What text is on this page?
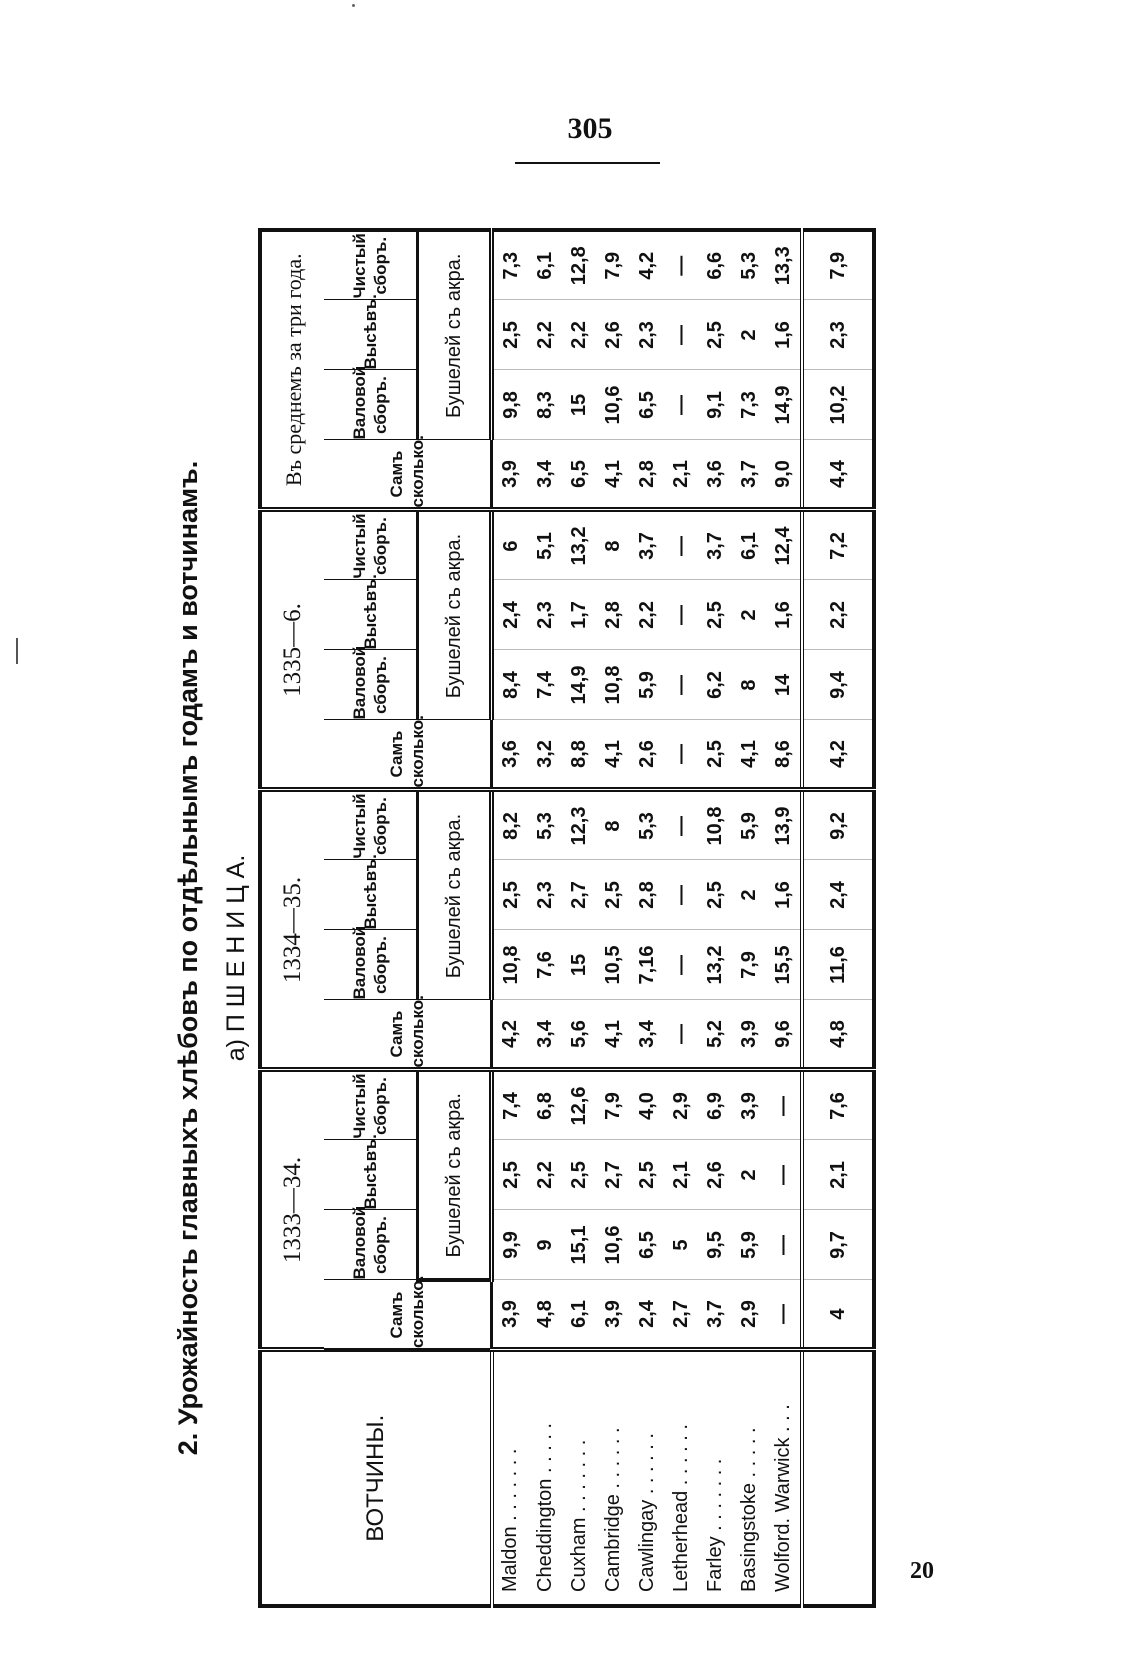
305
2. Урожайность главныхъ хлѣбовъ по отдѣльнымъ годамъ и вотчинамъ. а) П Ш Е Н И Ц А.
ВОТЧИНЫ.	1333—34.				1334—35.				1335—6.				Въ среднемъ за три года.			
	Самъ сколько.	Валовой сборъ.	Высѣвъ.	Чистый сборъ.	Самъ сколько.	Валовой сборъ.	Высѣвъ.	Чистый сборъ.	Самъ сколько.	Валовой сборъ.	Высѣвъ.	Чистый сборъ.	Самъ сколько.	Валовой сборъ.	Высѣвъ.	Чистый сборъ.
		Бушелей съ акра.				Бушелей съ акра.				Бушелей съ акра.				Бушелей съ акра.		
Maldon . . . . . . .	3,9	9,9	2,5	7,4	4,2	10,8	2,5	8,2	3,6	8,4	2,4	6	3,9	9,8	2,5	7,3
Cheddington . . . . .	4,8	9	2,2	6,8	3,4	7,6	2,3	5,3	3,2	7,4	2,3	5,1	3,4	8,3	2,2	6,1
Cuxham . . . . . . .	6,1	15,1	2,5	12,6	5,6	15	2,7	12,3	8,8	14,9	1,7	13,2	6,5	15	2,2	12,8
Cambridge . . . . . .	3,9	10,6	2,7	7,9	4,1	10,5	2,5	8	4,1	10,8	2,8	8	4,1	10,6	2,6	7,9
Cawlingay . . . . . .	2,4	6,5	2,5	4,0	3,4	7,16	2,8	5,3	2,6	5,9	2,2	3,7	2,8	6,5	2,3	4,2
Letherhead . . . . . .	2,7	5	2,1	2,9	—	—	—	—	—	—	—	—	2,1	—	—	—
Farley . . . . . . .	3,7	9,5	2,6	6,9	5,2	13,2	2,5	10,8	2,5	6,2	2,5	3,7	3,6	9,1	2,5	6,6
Basingstoke . . . . .	2,9	5,9	2	3,9	3,9	7,9	2	5,9	4,1	8	2	6,1	3,7	7,3	2	5,3
Wolford. Warwick . . .	—	—	—	—	9,6	15,5	1,6	13,9	8,6	14	1,6	12,4	9,0	14,9	1,6	13,3
	4	9,7	2,1	7,6	4,8	11,6	2,4	9,2	4,2	9,4	2,2	7,2	4,4	10,2	2,3	7,9
20
